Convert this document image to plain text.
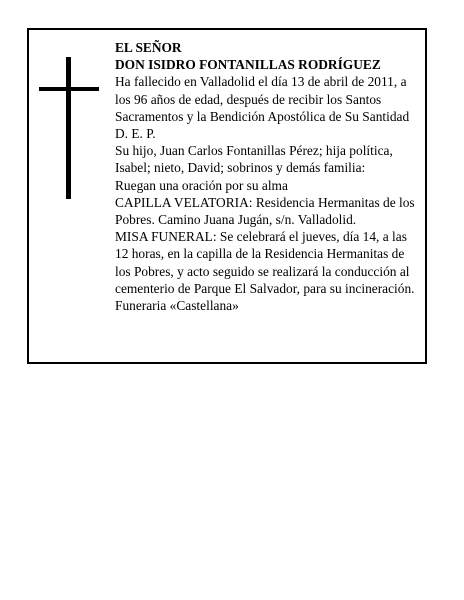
EL SEÑOR

DON ISIDRO FONTANILLAS RODRÍGUEZ

Ha fallecido en Valladolid el día 13 de abril de 2011, a los 96 años de edad, después de recibir los Santos Sacramentos y la Bendición Apostólica de Su Santidad D. E. P.

Su hijo, Juan Carlos Fontanillas Pérez; hija política, Isabel; nieto, David; sobrinos y demás familia:

Ruegan una oración por su alma

CAPILLA VELATORIA: Residencia Hermanitas de los Pobres. Camino Juana Jugán, s/n. Valladolid.

MISA FUNERAL: Se celebrará el jueves, día 14, a las 12 horas, en la capilla de la Residencia Hermanitas de los Pobres, y acto seguido se realizará la conducción al cementerio de Parque El Salvador, para su incineración.

Funeraria «Castellana»
